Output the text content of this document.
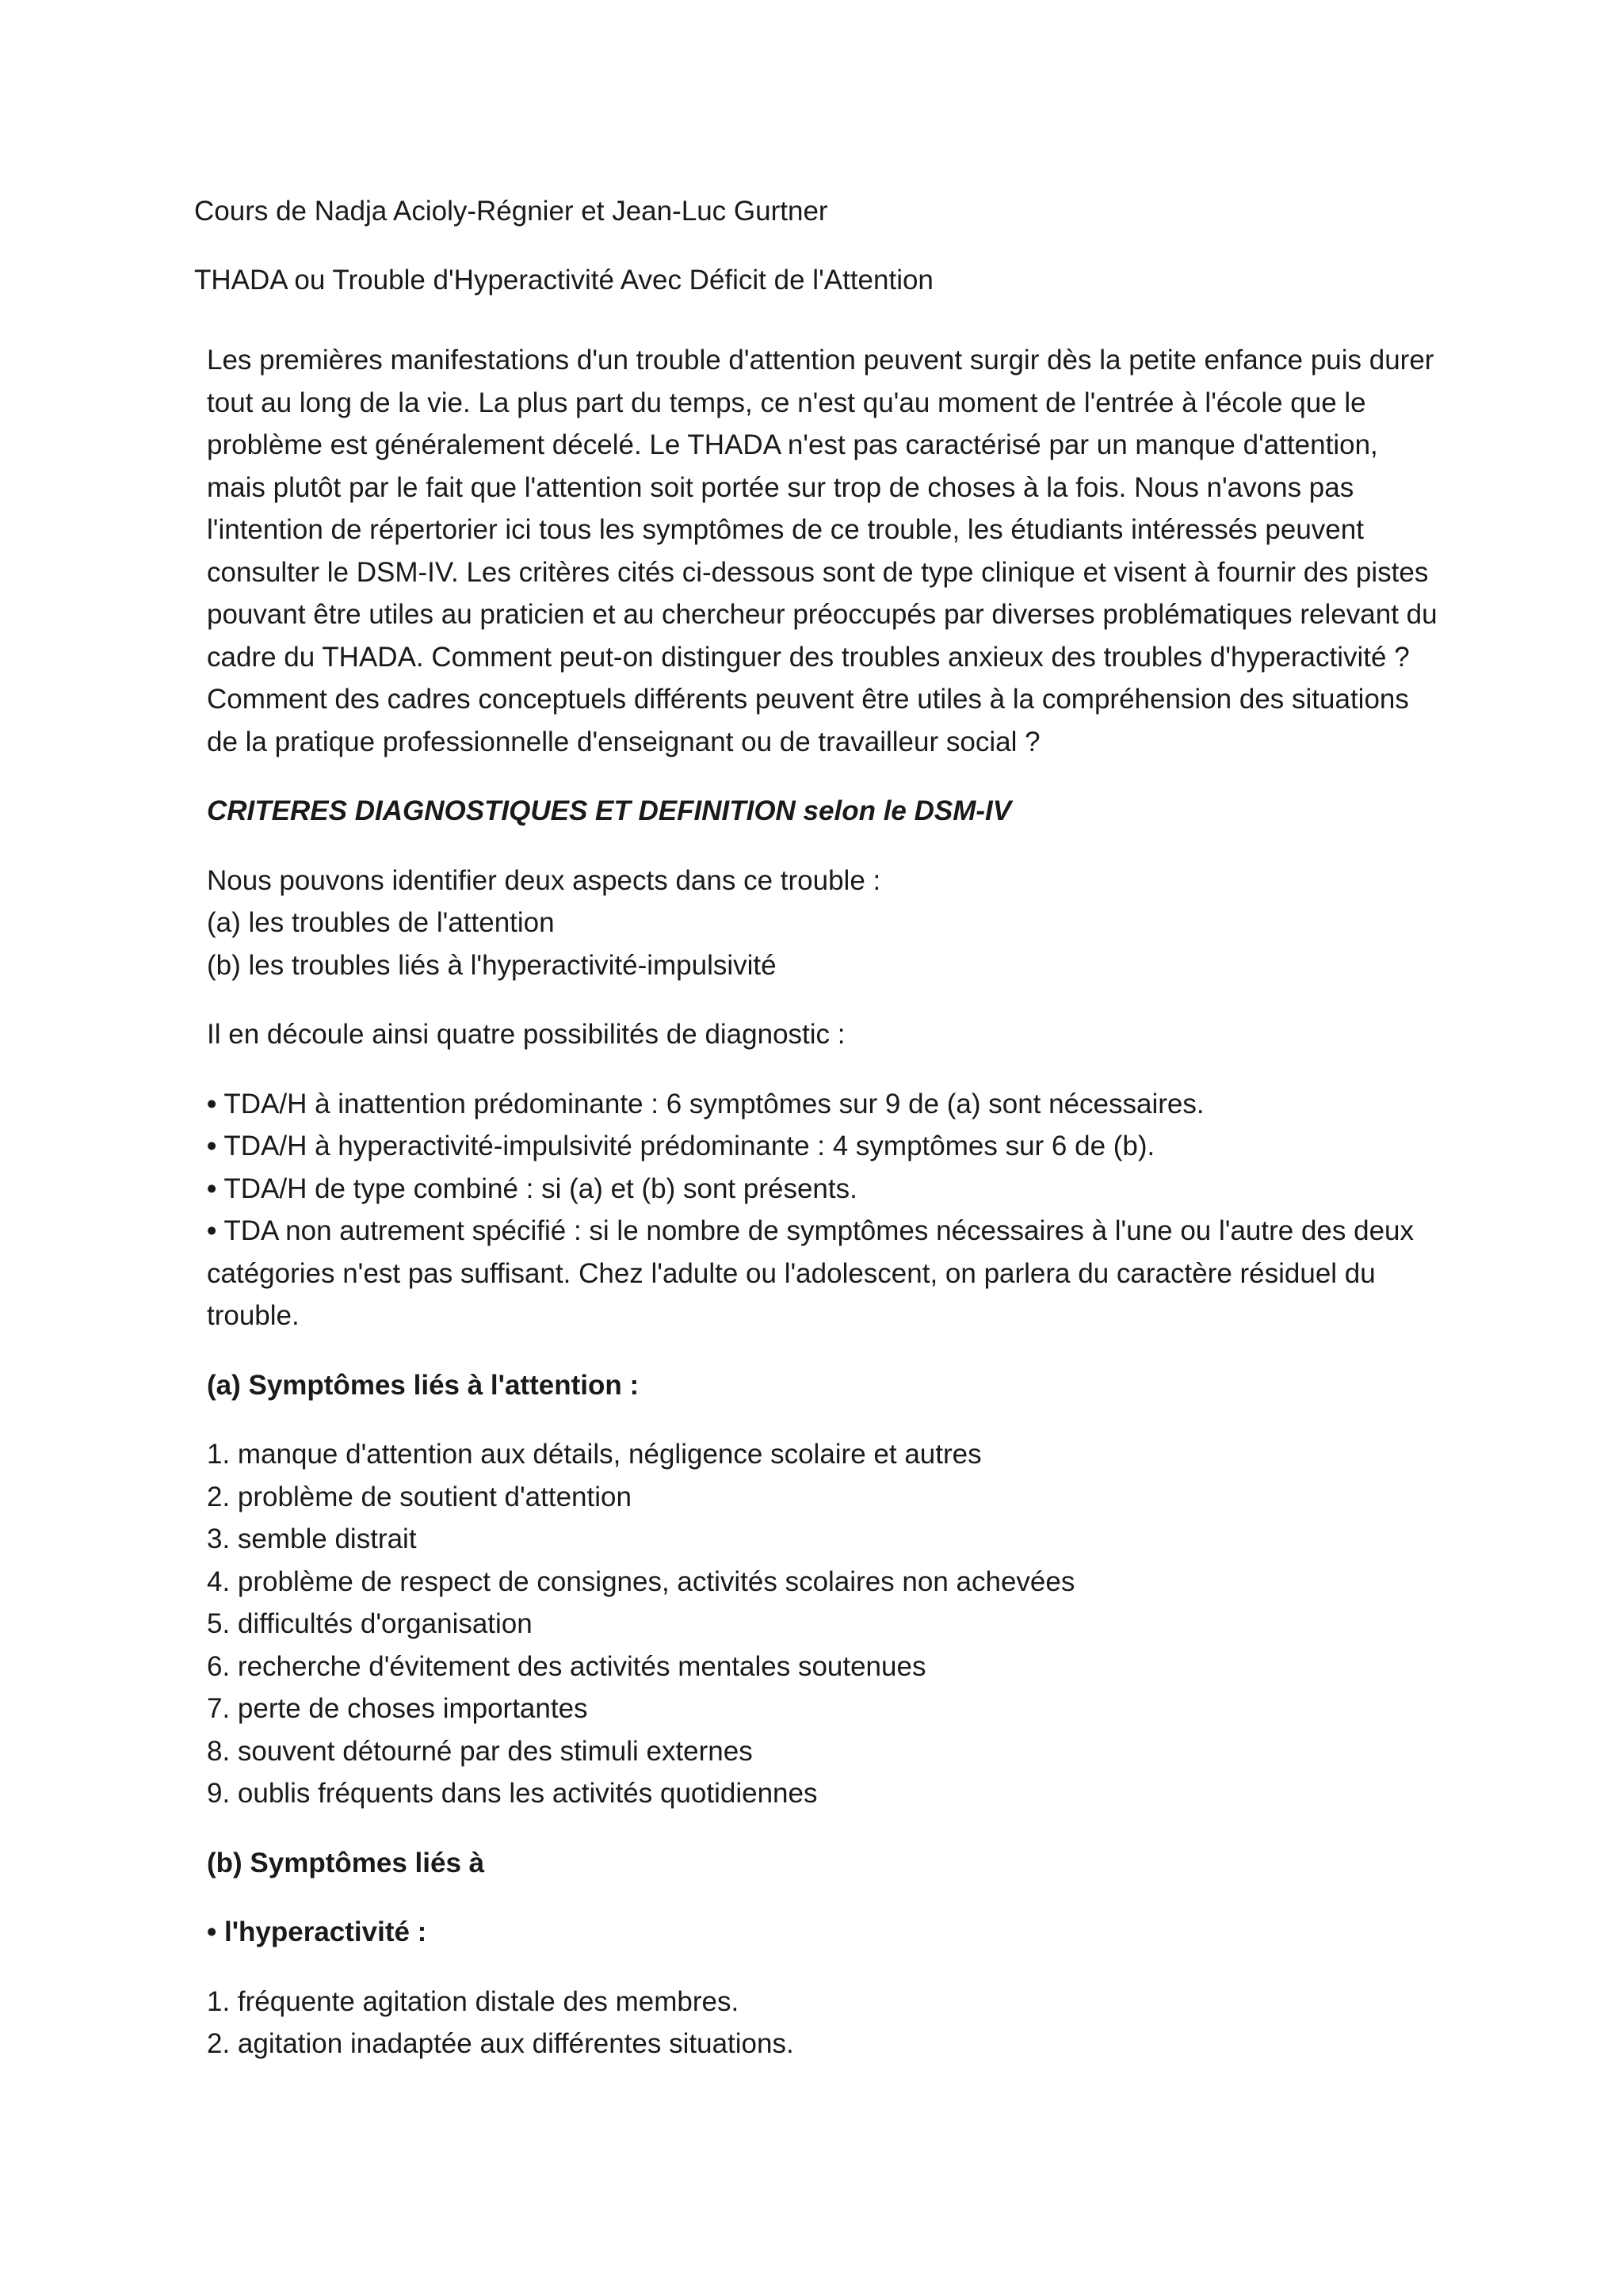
Cours de Nadja Acioly-Régnier et Jean-Luc Gurtner
THADA ou Trouble d'Hyperactivité Avec Déficit de l'Attention

Les premières manifestations d'un trouble d'attention peuvent surgir dès la petite enfance puis durer tout au long de la vie. La plus part du temps, ce n'est qu'au moment de l'entrée à l'école que le problème est généralement décelé. Le THADA n'est pas caractérisé par un manque d'attention, mais plutôt par le fait que l'attention soit portée sur trop de choses à la fois. Nous n'avons pas l'intention de répertorier ici tous les symptômes de ce trouble, les étudiants intéressés peuvent consulter le DSM-IV. Les critères cités ci-dessous sont de type clinique et visent à fournir des pistes pouvant être utiles au praticien et au chercheur préoccupés par diverses problématiques relevant du cadre du THADA. Comment peut-on distinguer des troubles anxieux des troubles d'hyperactivité ? Comment des cadres conceptuels différents peuvent être utiles à la compréhension des situations de la pratique professionnelle d'enseignant ou de travailleur social ?

CRITERES DIAGNOSTIQUES ET DEFINITION selon le DSM-IV

Nous pouvons identifier deux aspects dans ce trouble :

(a) les troubles de l'attention

(b) les troubles liés à l'hyperactivité-impulsivité

Il en découle ainsi quatre possibilités de diagnostic :

• TDA/H à inattention prédominante : 6 symptômes sur 9 de (a) sont nécessaires.
• TDA/H à hyperactivité-impulsivité prédominante : 4 symptômes sur 6 de (b).
• TDA/H de type combiné : si (a) et (b) sont présents.
• TDA non autrement spécifié : si le nombre de symptômes nécessaires à l'une ou l'autre des deux catégories n'est pas suffisant. Chez l'adulte ou l'adolescent, on parlera du caractère résiduel du trouble.

(a) Symptômes liés à l'attention :

1. manque d'attention aux détails, négligence scolaire et autres
2. problème de soutient d'attention
3. semble distrait
4. problème de respect de consignes, activités scolaires non achevées
5. difficultés d'organisation
6. recherche d'évitement des activités mentales soutenues
7. perte de choses importantes
8. souvent détourné par des stimuli externes
9. oublis fréquents dans les activités quotidiennes

(b) Symptômes liés à

• l'hyperactivité :

1. fréquente agitation distale des membres.
2. agitation inadaptée aux différentes situations.
